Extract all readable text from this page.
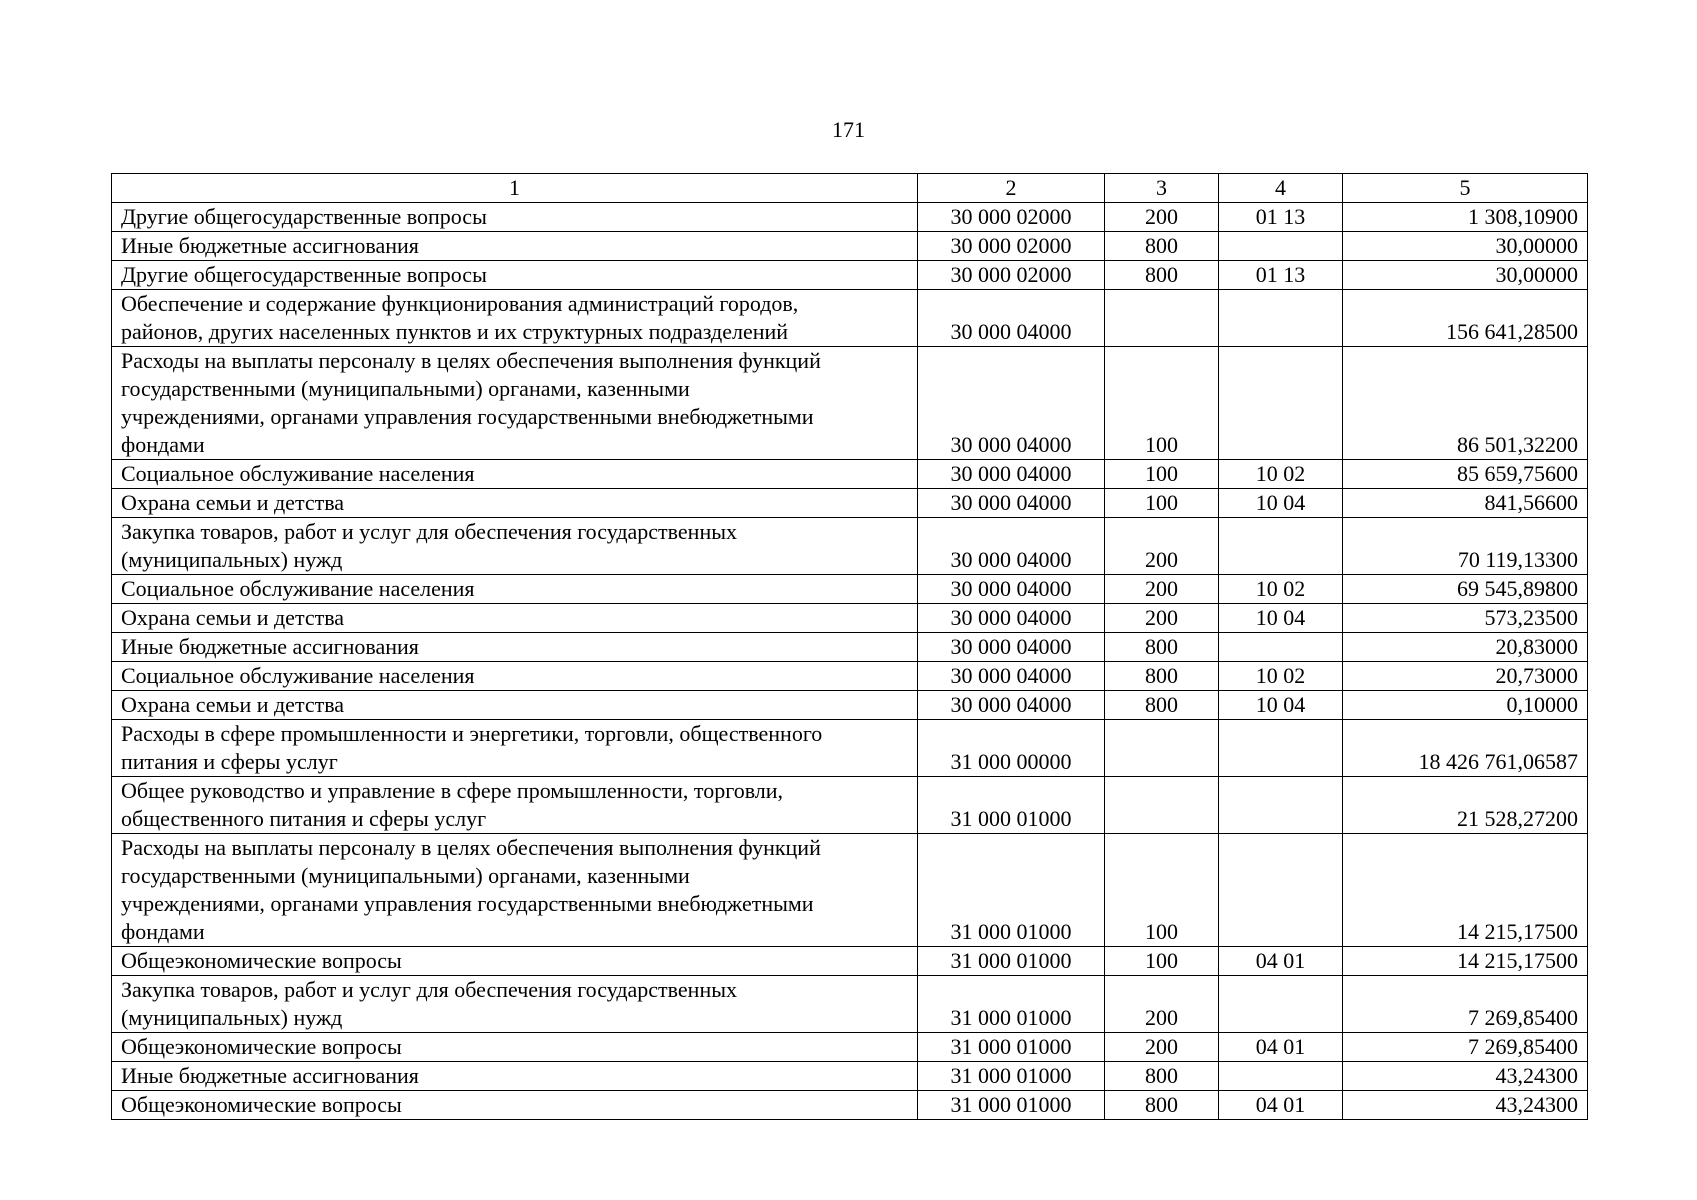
171
1	2	3	4	5
Другие общегосударственные вопросы	30 000 02000	200	01 13	1 308,10900
Иные бюджетные ассигнования	30 000 02000	800		30,00000
Другие общегосударственные вопросы	30 000 02000	800	01 13	30,00000
Обеспечение и содержание функционирования администраций городов,
районов, других населенных пунктов и их структурных подразделений	30 000 04000			156 641,28500
Расходы на выплаты персоналу в целях обеспечения выполнения функций
государственными (муниципальными) органами, казенными
учреждениями, органами управления государственными внебюджетными
фондами	30 000 04000	100		86 501,32200
Социальное обслуживание населения	30 000 04000	100	10 02	85 659,75600
Охрана семьи и детства	30 000 04000	100	10 04	841,56600
Закупка товаров, работ и услуг для обеспечения государственных
(муниципальных) нужд	30 000 04000	200		70 119,13300
Социальное обслуживание населения	30 000 04000	200	10 02	69 545,89800
Охрана семьи и детства	30 000 04000	200	10 04	573,23500
Иные бюджетные ассигнования	30 000 04000	800		20,83000
Социальное обслуживание населения	30 000 04000	800	10 02	20,73000
Охрана семьи и детства	30 000 04000	800	10 04	0,10000
Расходы в сфере промышленности и энергетики, торговли, общественного
питания и сферы услуг	31 000 00000			18 426 761,06587
Общее руководство и управление в сфере промышленности, торговли,
общественного питания и сферы услуг	31 000 01000			21 528,27200
Расходы на выплаты персоналу в целях обеспечения выполнения функций
государственными (муниципальными) органами, казенными
учреждениями, органами управления государственными внебюджетными
фондами	31 000 01000	100		14 215,17500
Общеэкономические вопросы	31 000 01000	100	04 01	14 215,17500
Закупка товаров, работ и услуг для обеспечения государственных
(муниципальных) нужд	31 000 01000	200		7 269,85400
Общеэкономические вопросы	31 000 01000	200	04 01	7 269,85400
Иные бюджетные ассигнования	31 000 01000	800		43,24300
Общеэкономические вопросы	31 000 01000	800	04 01	43,24300
